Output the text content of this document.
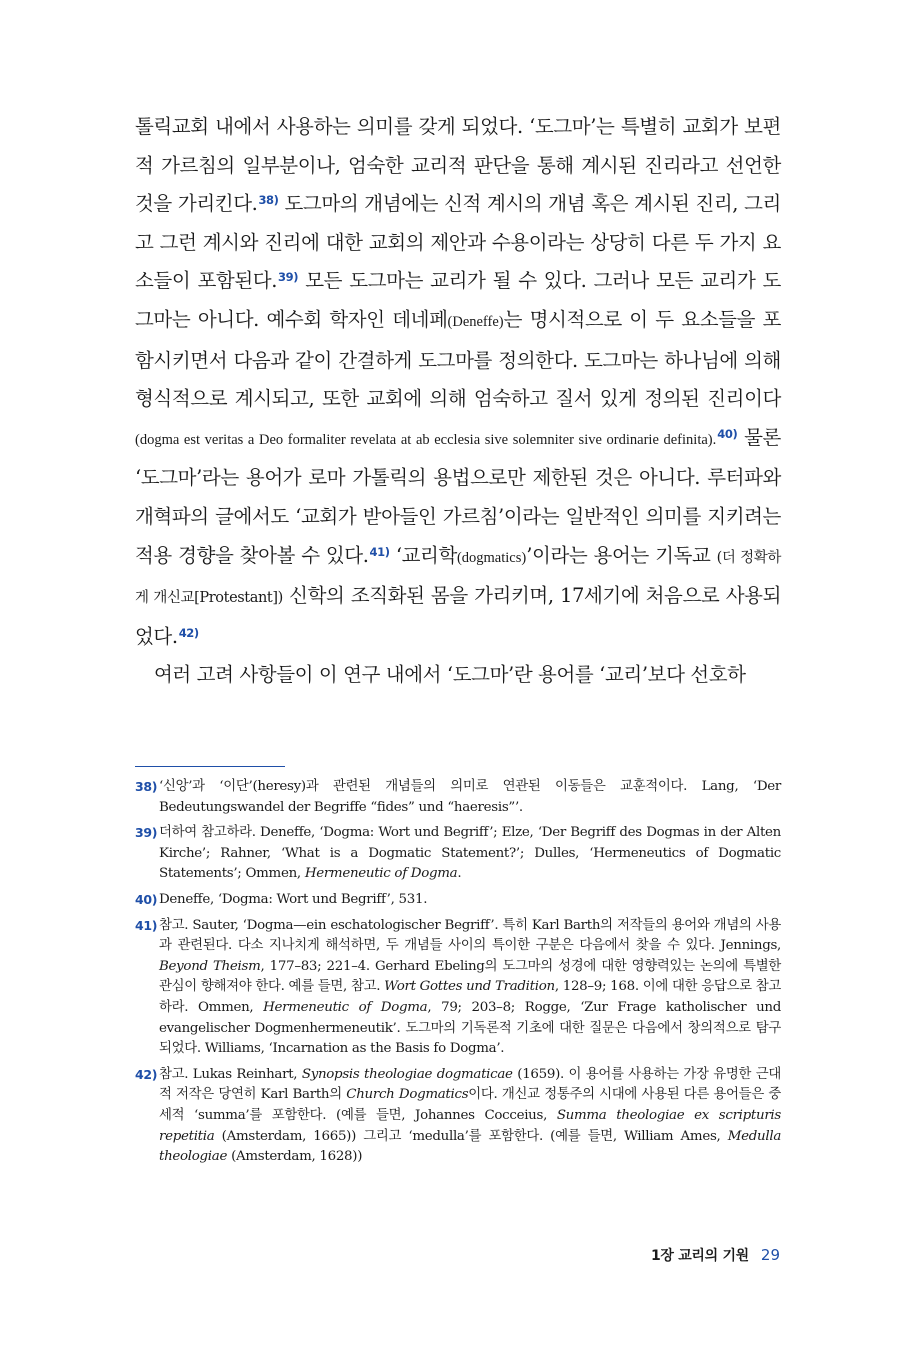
톨릭교회 내에서 사용하는 의미를 갖게 되었다. ‘도그마’는 특별히 교회가 보편적 가르침의 일부분이나, 엄숙한 교리적 판단을 통해 계시된 진리라고 선언한 것을 가리킨다.$^{38)}$ 도그마의 개념에는 신적 계시의 개념 혹은 계시된 진리, 그리고 그런 계시와 진리에 대한 교회의 제안과 수용이라는 상당히 다른 두 가지 요소들이 포함된다.$^{39)}$ 모든 도그마는 교리가 될 수 있다. 그러나 모든 교리가 도그마는 아니다. 예수회 학자인 데네페(Deneffe)는 명시적으로 이 두 요소들을 포함시키면서 다음과 같이 간결하게 도그마를 정의한다. 도그마는 하나님에 의해 형식적으로 계시되고, 또한 교회에 의해 엄숙하고 질서 있게 정의된 진리이다(dogma est veritas a Deo formaliter revelata at ab ecclesia sive solemniter sive ordinarie definita).$^{40)}$ 물론 ‘도그마’라는 용어가 로마 가톨릭의 용법으로만 제한된 것은 아니다. 루터파와 개혁파의 글에서도 ‘교회가 받아들인 가르침’이라는 일반적인 의미를 지키려는 적용 경향을 찾아볼 수 있다.$^{41)}$ ‘교리학(dogmatics)’이라는 용어는 기독교 (더 정확하게 개신교[Protestant]) 신학의 조직화된 몸을 가리키며, 17세기에 처음으로 사용되었다.$^{42)}$

여러 고려 사항들이 이 연구 내에서 ‘도그마’란 용어를 ‘교리’보다 선호하

38) ‘신앙’과 ‘이단’(heresy)과 관련된 개념들의 의미로 연관된 이동들은 교훈적이다. Lang, ‘Der Bedeutungswandel der Begriffe “fides” und “haeresis”’.
39) 더하여 참고하라. Deneffe, ‘Dogma: Wort und Begriff’; Elze, ‘Der Begriff des Dogmas in der Alten Kirche’; Rahner, ‘What is a Dogmatic Statement?’; Dulles, ‘Hermeneutics of Dogmatic Statements’; Ommen, Hermeneutic of Dogma.
40) Deneffe, ‘Dogma: Wort und Begriff’, 531.
41) 참고. Sauter, ‘Dogma—ein eschatologischer Begriff’. 특히 Karl Barth의 저작들의 용어와 개념의 사용과 관련된다. 다소 지나치게 해석하면, 두 개념들 사이의 특이한 구분은 다음에서 찾을 수 있다. Jennings, Beyond Theism, 177–83; 221–4. Gerhard Ebeling의 도그마의 성경에 대한 영향력있는 논의에 특별한 관심이 향해져야 한다. 예를 들면, 참고. Wort Gottes und Tradition, 128–9; 168. 이에 대한 응답으로 참고하라. Ommen, Hermeneutic of Dogma, 79; 203–8; Rogge, ‘Zur Frage katholischer und evangelischer Dogmenhermeneutik’. 도그마의 기독론적 기초에 대한 질문은 다음에서 창의적으로 탐구되었다. Williams, ‘Incarnation as the Basis fo Dogma’.
42) 참고. Lukas Reinhart, Synopsis theologiae dogmaticae (1659). 이 용어를 사용하는 가장 유명한 근대적 저작은 당연히 Karl Barth의 Church Dogmatics이다. 개신교 정통주의 시대에 사용된 다른 용어들은 중세적 ‘summa’를 포함한다. (예를 들면, Johannes Cocceius, Summa theologiae ex scripturis repetitia (Amsterdam, 1665)) 그리고 ‘medulla’를 포함한다. (예를 들면, William Ames, Medulla theologiae (Amsterdam, 1628))
1장 교리의 기원 29
